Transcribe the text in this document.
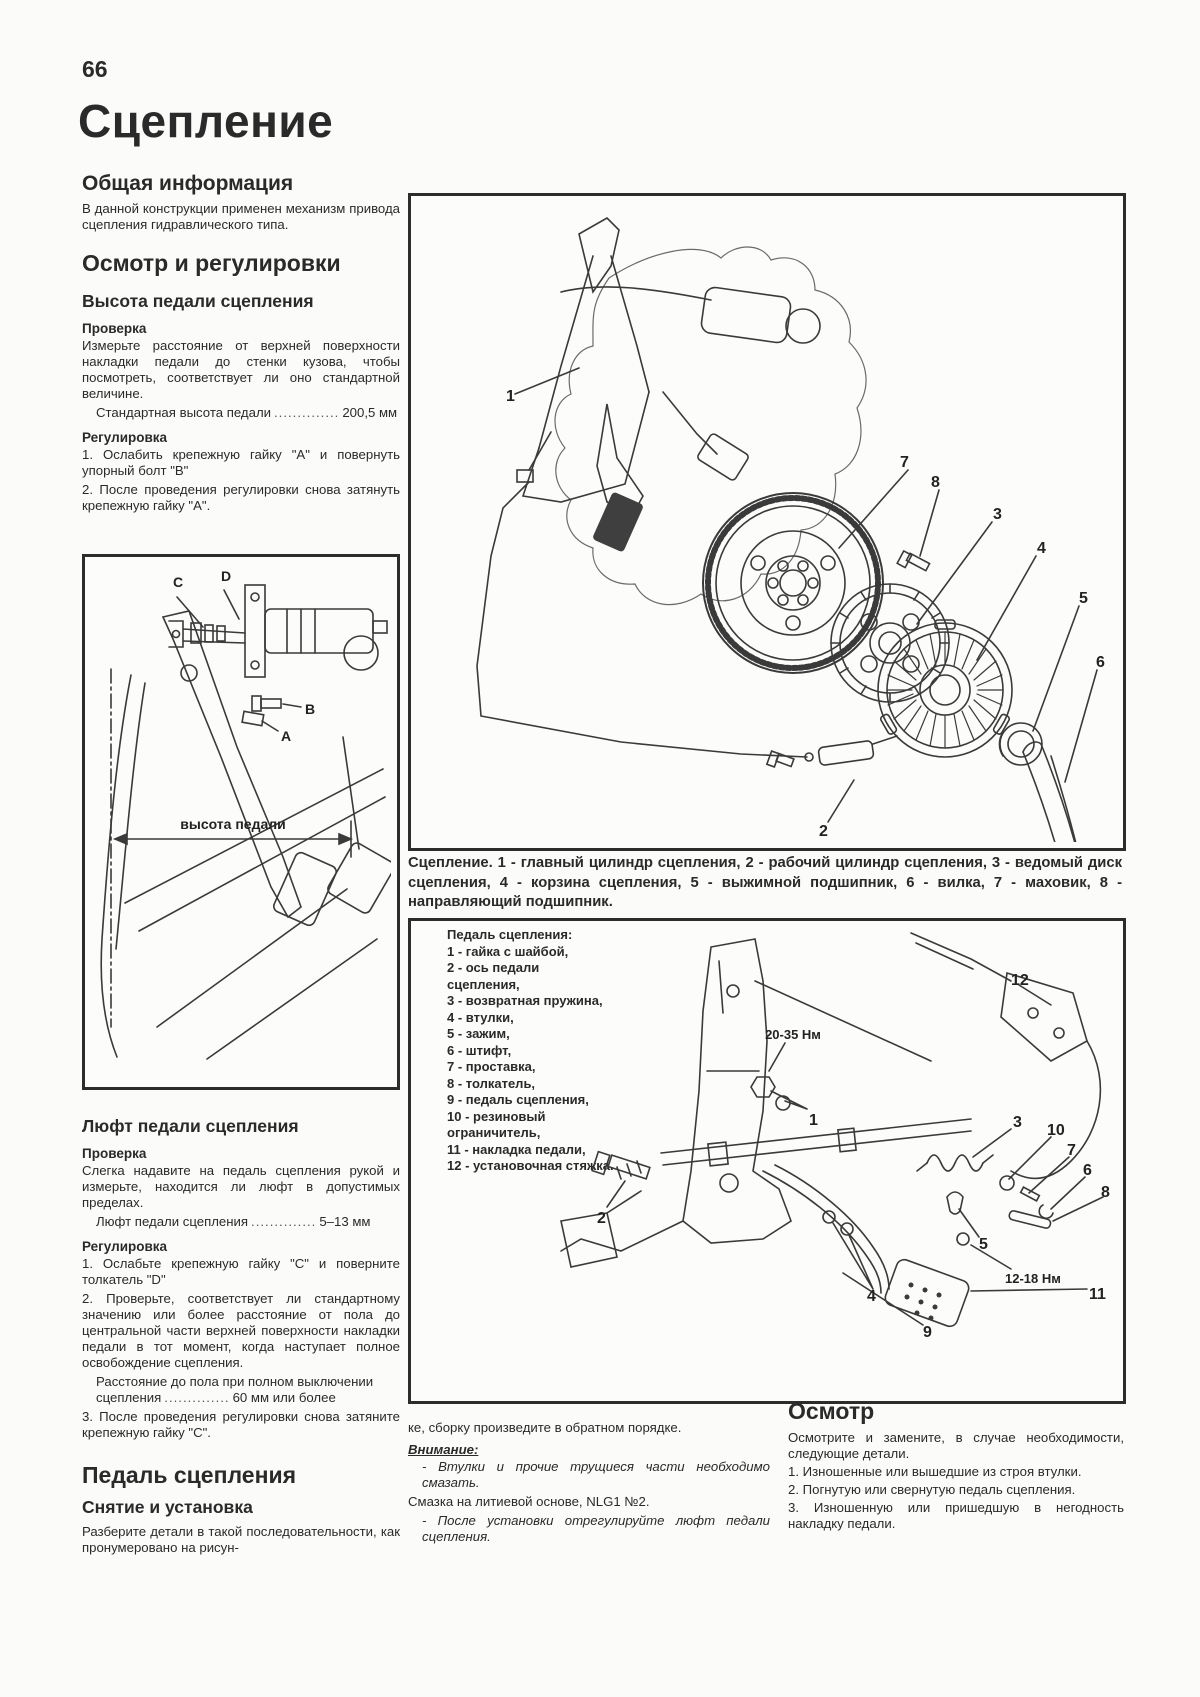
66
Сцепление
Общая информация

В данной конструкции применен механизм привода сцепления гидравлического типа.

Осмотр и регулировки
Высота педали сцепления
Проверка

Измерьте расстояние от верхней поверхности накладки педали до стенки кузова, чтобы посмотреть, соответствует ли оно стандартной величине.

Стандартная высота педали .....	200,5 мм
Регулировка

1. Ослабить крепежную гайку "А" и повернуть упорный болт "В"

2. После проведения регулировки снова затянуть крепежную гайку "А".

C	D
B
A
высота педали
Люфт педали сцепления
Проверка

Слегка надавите на педаль сцепления рукой и измерьте, находится ли люфт в допустимых пределах.

Люфт педали сцепления .....	5–13 мм
Регулировка

1. Ослабьте крепежную гайку "С" и поверните толкатель "D"

2. Проверьте, соответствует ли стандартному значению или более расстояние от пола до центральной части верхней поверхности накладки педали в тот момент, когда наступает полное освобождение сцепления.

Расстояние до пола при полном выключении сцепления .....	60 мм или более

3. После проведения регулировки снова затяните крепежную гайку "С".

Педаль сцепления
Снятие и установка

Разберите детали в такой последовательности, как пронумеровано на рисун-

1
2
3
4
5
6
7
8
Сцепление. 1 - главный цилиндр сцепления, 2 - рабочий цилиндр сцепления, 3 - ведомый диск сцепления, 4 - корзина сцепления, 5 - выжимной подшипник, 6 - вилка, 7 - маховик, 8 - направляющий подшипник.
Педаль сцепления:
1 - гайка с шайбой,
2 - ось педали сцепления,
3 - возвратная пружина,
4 - втулки,
5 - зажим,
6 - штифт,
7 - проставка,
8 - толкатель,
9 - педаль сцепления,
10 - резиновый ограничитель,
11 - накладка педали,
12 - установочная стяжка.
12
20-35 Нм
1
2
3 10
7
6
8
5
12-18 Нм
11
9
4

ке, сборку произведите в обратном порядке.

Внимание:

- Втулки и прочие трущиеся части необходимо смазать.

Смазка на литиевой основе, NLG1 №2.

- После установки отрегулируйте люфт педали сцепления.

Осмотр

Осмотрите и замените, в случае необходимости, следующие детали.

1. Изношенные или вышедшие из строя втулки.

2. Погнутую или свернутую педаль сцепления.

3. Изношенную или пришедшую в негодность накладку педали.
